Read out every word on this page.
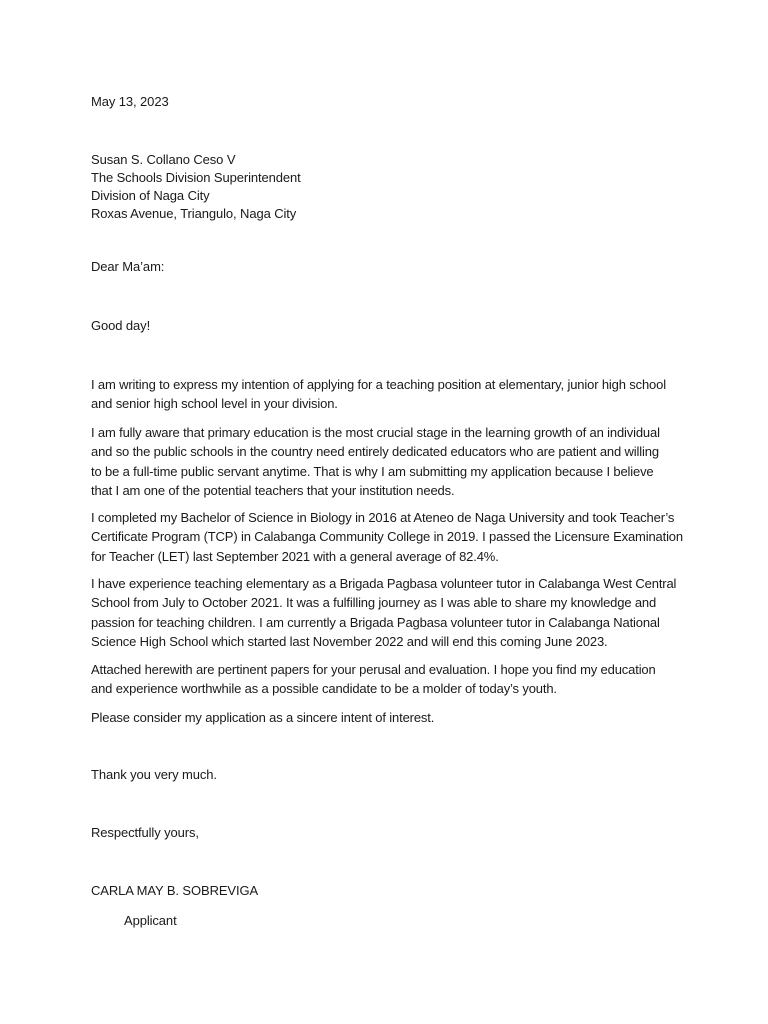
May 13, 2023
Susan S. Collano Ceso V
The Schools Division Superintendent
Division of Naga City
Roxas Avenue, Triangulo, Naga City
Dear Ma’am:
Good day!
I am writing to express my intention of applying for a teaching position at elementary, junior high school
and senior high school level in your division.
I am fully aware that primary education is the most crucial stage in the learning growth of an individual
and so the public schools in the country need entirely dedicated educators who are patient and willing
to be a full-time public servant anytime. That is why I am submitting my application because I believe
that I am one of the potential teachers that your institution needs.
I completed my Bachelor of Science in Biology in 2016 at Ateneo de Naga University and took Teacher’s
Certificate Program (TCP) in Calabanga Community College in 2019. I passed the Licensure Examination
for Teacher (LET) last September 2021 with a general average of 82.4%.
I have experience teaching elementary as a Brigada Pagbasa volunteer tutor in Calabanga West Central
School from July to October 2021. It was a fulfilling journey as I was able to share my knowledge and
passion for teaching children. I am currently a Brigada Pagbasa volunteer tutor in Calabanga National
Science High School which started last November 2022 and will end this coming June 2023.
Attached herewith are pertinent papers for your perusal and evaluation. I hope you find my education
and experience worthwhile as a possible candidate to be a molder of today’s youth.
Please consider my application as a sincere intent of interest.
Thank you very much.
Respectfully yours,
CARLA MAY B. SOBREVIGA
Applicant
